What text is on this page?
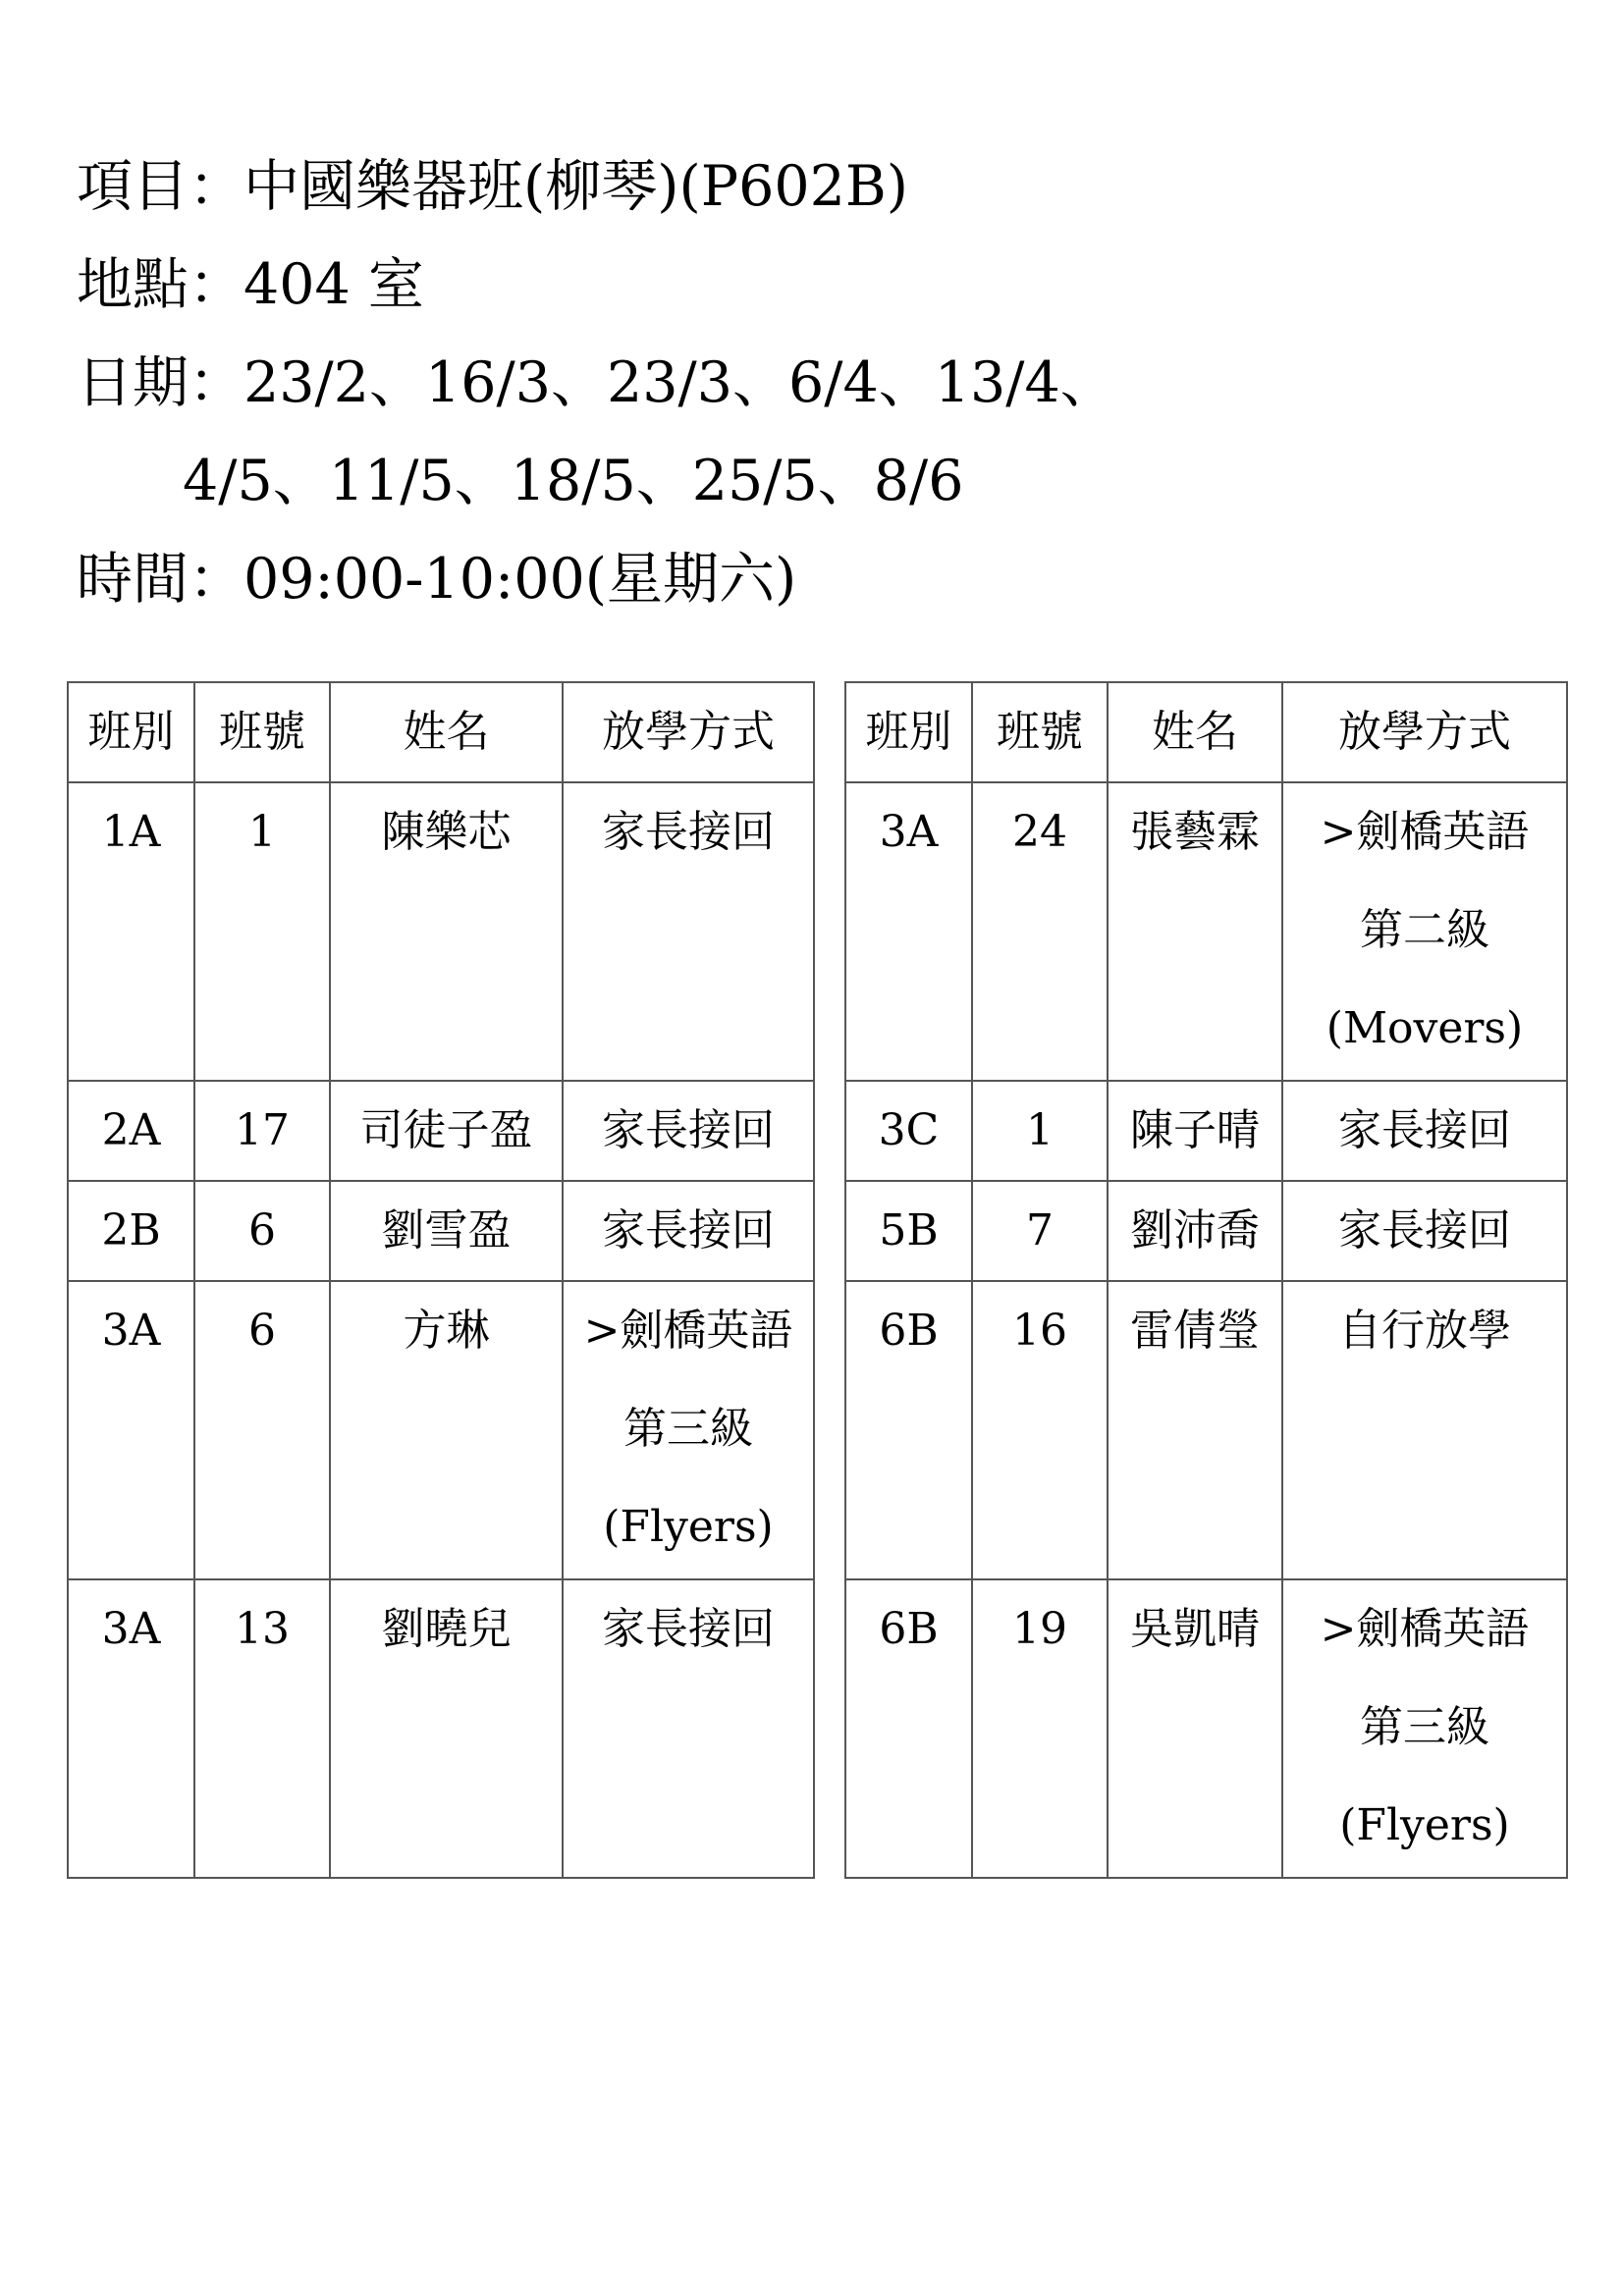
項目： 中國樂器班(柳琴)(P602B)
地點： 404 室
日期： 23/2、16/3、23/3、6/4、13/4、
4/5、11/5、18/5、25/5、8/6
時間： 09:00-10:00(星期六)
班別	班號	姓名	放學方式
1A	1	陳樂芯	家長接回

2A	17	司徒子盈	家長接回

2B	6	劉雪盈	家長接回

3A	6	方琳	>劍橋英語
第三級
(Flyers)

3A	13	劉曉兒	家長接回
班別	班號	姓名	放學方式
3A	24	張藝霖	>劍橋英語
第二級
(Movers)

3C	1	陳子晴	家長接回

5B	7	劉沛喬	家長接回

6B	16	雷倩瑩	自行放學

6B	19	吳凱晴	>劍橋英語
第三級
(Flyers)
